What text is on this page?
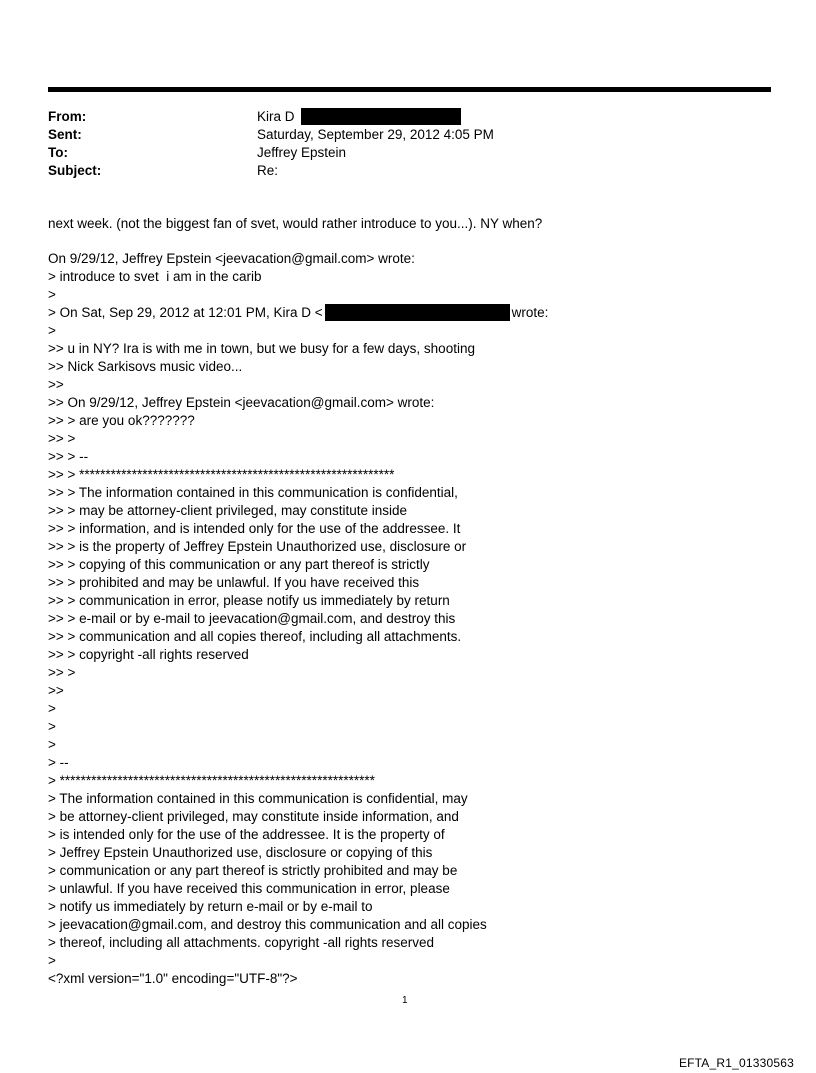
From:	Kira D
Sent:	Saturday, September 29, 2012 4:05 PM
To:	Jeffrey Epstein
Subject:	Re:
next week. (not the biggest fan of svet, would rather introduce to you...). NY when?
On 9/29/12, Jeffrey Epstein <jeevacation@gmail.com> wrote:
> introduce to svet  i am in the carib
>
> On Sat, Sep 29, 2012 at 12:01 PM, Kira D <	wrote:
>
>> u in NY? Ira is with me in town, but we busy for a few days, shooting
>> Nick Sarkisovs music video...
>>
>> On 9/29/12, Jeffrey Epstein <jeevacation@gmail.com> wrote:
>> > are you ok???????
>> >
>> > --
>> > ************************************************************
>> > The information contained in this communication is confidential,
>> > may be attorney-client privileged, may constitute inside
>> > information, and is intended only for the use of the addressee. It
>> > is the property of Jeffrey Epstein Unauthorized use, disclosure or
>> > copying of this communication or any part thereof is strictly
>> > prohibited and may be unlawful. If you have received this
>> > communication in error, please notify us immediately by return
>> > e-mail or by e-mail to jeevacation@gmail.com, and destroy this
>> > communication and all copies thereof, including all attachments.
>> > copyright -all rights reserved
>> >
>>
>
>
>
> --
> ************************************************************
> The information contained in this communication is confidential, may
> be attorney-client privileged, may constitute inside information, and
> is intended only for the use of the addressee. It is the property of
> Jeffrey Epstein Unauthorized use, disclosure or copying of this
> communication or any part thereof is strictly prohibited and may be
> unlawful. If you have received this communication in error, please
> notify us immediately by return e-mail or by e-mail to
> jeevacation@gmail.com, and destroy this communication and all copies
> thereof, including all attachments. copyright -all rights reserved
>
<?xml version="1.0" encoding="UTF-8"?>
1
EFTA_R1_01330563
